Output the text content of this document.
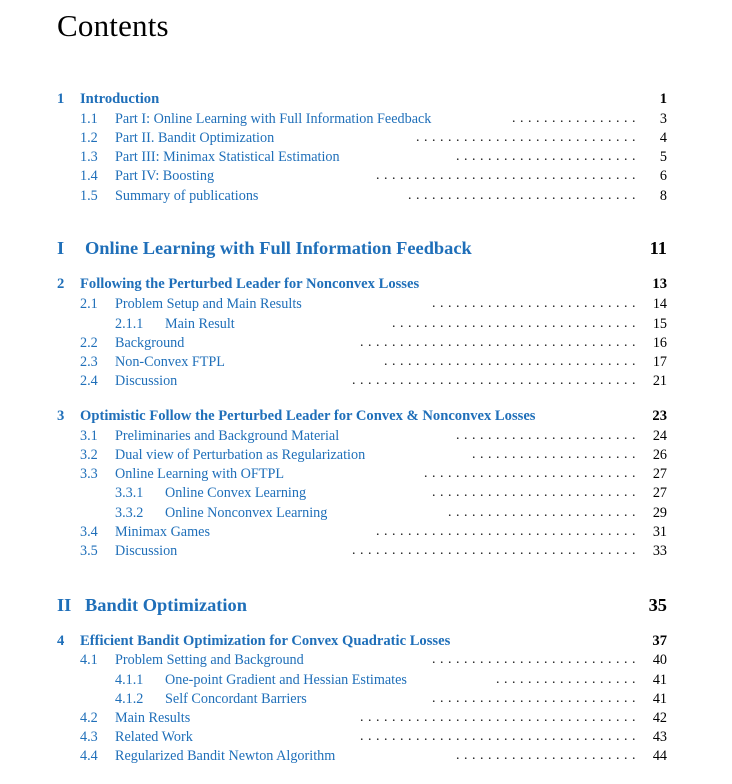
Contents
1 Introduction	1
1.1 Part I: Online Learning with Full Information Feedback	................ 3
1.2 Part II. Bandit Optimization	............................ 4
1.3 Part III: Minimax Statistical Estimation	....................... 5
1.4 Part IV: Boosting	................................. 6
1.5 Summary of publications	............................. 8
I Online Learning with Full Information Feedback	11
2 Following the Perturbed Leader for Nonconvex Losses	13
2.1 Problem Setup and Main Results	.......................... 14
2.1.1 Main Result	............................... 15
2.2 Background	................................... 16
2.3 Non-Convex FTPL	................................ 17
2.4 Discussion	.................................... 21
3 Optimistic Follow the Perturbed Leader for Convex & Nonconvex Losses	23
3.1 Preliminaries and Background Material	....................... 24
3.2 Dual view of Perturbation as Regularization	..................... 26
3.3 Online Learning with OFTPL	........................... 27
3.3.1 Online Convex Learning	.......................... 27
3.3.2 Online Nonconvex Learning	........................ 29
3.4 Minimax Games	................................. 31
3.5 Discussion	.................................... 33
II Bandit Optimization	35
4 Efficient Bandit Optimization for Convex Quadratic Losses	37
4.1 Problem Setting and Background	.......................... 40
4.1.1 One-point Gradient and Hessian Estimates	.................. 41
4.1.2 Self Concordant Barriers	.......................... 41
4.2 Main Results	................................... 42
4.3 Related Work	................................... 43
4.4 Regularized Bandit Newton Algorithm	....................... 44
